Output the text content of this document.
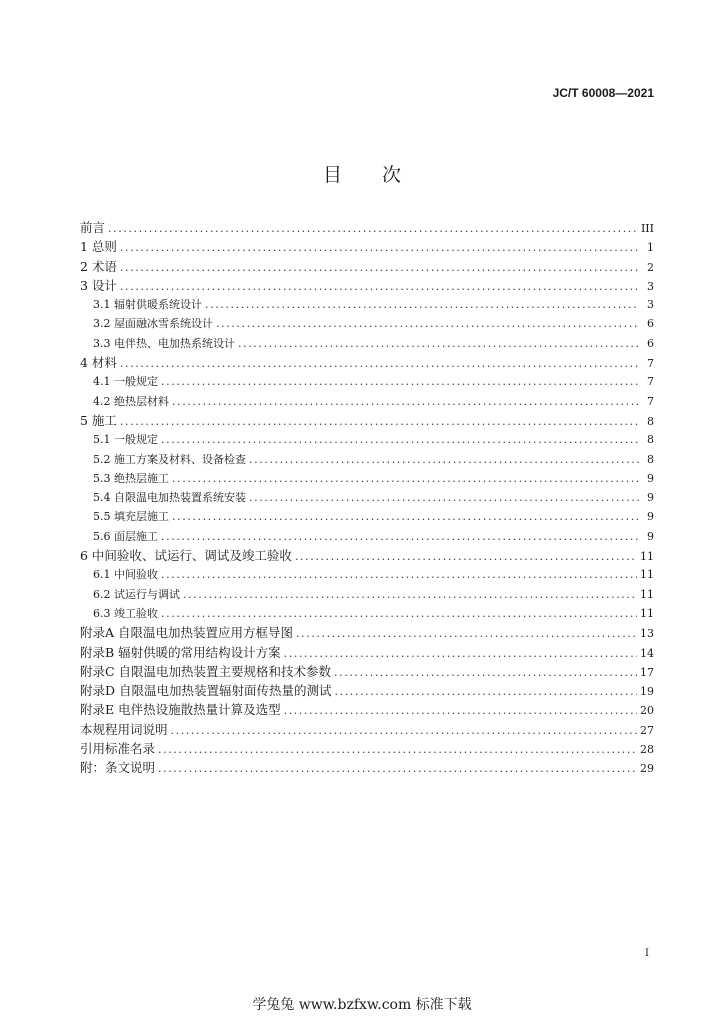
JC/T 60008—2021
目次
前言 .....	III
1 总则 .....	1
2 术语 .....	2
3 设计 .....	3
3.1 辐射供暖系统设计 .....	3
3.2 屋面融冰雪系统设计 .....	6
3.3 电伴热、电加热系统设计 .....	6
4 材料 .....	7
4.1 一般规定 .....	7
4.2 绝热层材料 .....	7
5 施工 .....	8
5.1 一般规定 .....	8
5.2 施工方案及材料、设备检查 .....	8
5.3 绝热层施工 .....	9
5.4 自限温电加热装置系统安装 .....	9
5.5 填充层施工 .....	9
5.6 面层施工 .....	9
6 中间验收、试运行、调试及竣工验收 .....	11
6.1 中间验收 .....	11
6.2 试运行与调试 .....	11
6.3 竣工验收 .....	11
附录A 自限温电加热装置应用方框导图 .....	13
附录B 辐射供暖的常用结构设计方案 .....	14
附录C 自限温电加热装置主要规格和技术参数 .....	17
附录D 自限温电加热装置辐射面传热量的测试 .....	19
附录E 电伴热设施散热量计算及选型 .....	20
本规程用词说明 .....	27
引用标准名录 .....	28
附：条文说明 .....	29
I
学兔兔 www.bzfxw.com 标准下载
